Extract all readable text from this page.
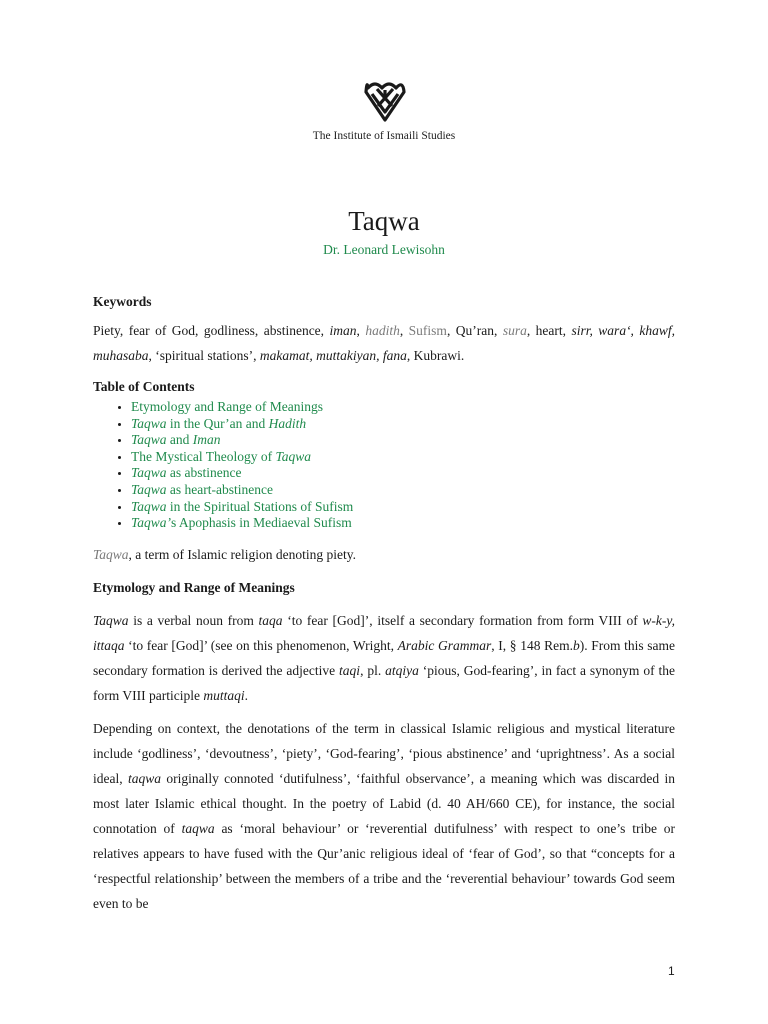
The Institute of Ismaili Studies
Taqwa
Dr. Leonard Lewisohn

Keywords

Piety, fear of God, godliness, abstinence, iman, hadith, Sufism, Qu’ran, sura, heart, sirr, wara‘, khawf, muhasaba, ‘spiritual stations’, makamat, muttakiyan, fana, Kubrawi.

Table of Contents

• Etymology and Range of Meanings
• Taqwa in the Qur’an and Hadith
• Taqwa and Iman
• The Mystical Theology of Taqwa
• Taqwa as abstinence
• Taqwa as heart-abstinence
• Taqwa in the Spiritual Stations of Sufism
• Taqwa’s Apophasis in Mediaeval Sufism

Taqwa, a term of Islamic religion denoting piety.

Etymology and Range of Meanings

Taqwa is a verbal noun from taqa ‘to fear [God]’, itself a secondary formation from form VIII of w-k-y, ittaqa ‘to fear [God]’ (see on this phenomenon, Wright, Arabic Grammar, I, § 148 Rem.b). From this same secondary formation is derived the adjective taqi, pl. atqiya ‘pious, God-fearing’, in fact a synonym of the form VIII participle muttaqi.

Depending on context, the denotations of the term in classical Islamic religious and mystical literature include ‘godliness’, ‘devoutness’, ‘piety’, ‘God-fearing’, ‘pious abstinence’ and ‘uprightness’. As a social ideal, taqwa originally connoted ‘dutifulness’, ‘faithful observance’, a meaning which was discarded in most later Islamic ethical thought. In the poetry of Labid (d. 40 AH/660 CE), for instance, the social connotation of taqwa as ‘moral behaviour’ or ‘reverential dutifulness’ with respect to one’s tribe or relatives appears to have fused with the Qur’anic religious ideal of ‘fear of God’, so that “concepts for a ‘respectful relationship’ between the members of a tribe and the ‘reverential behaviour’ towards God seem even to be

1
